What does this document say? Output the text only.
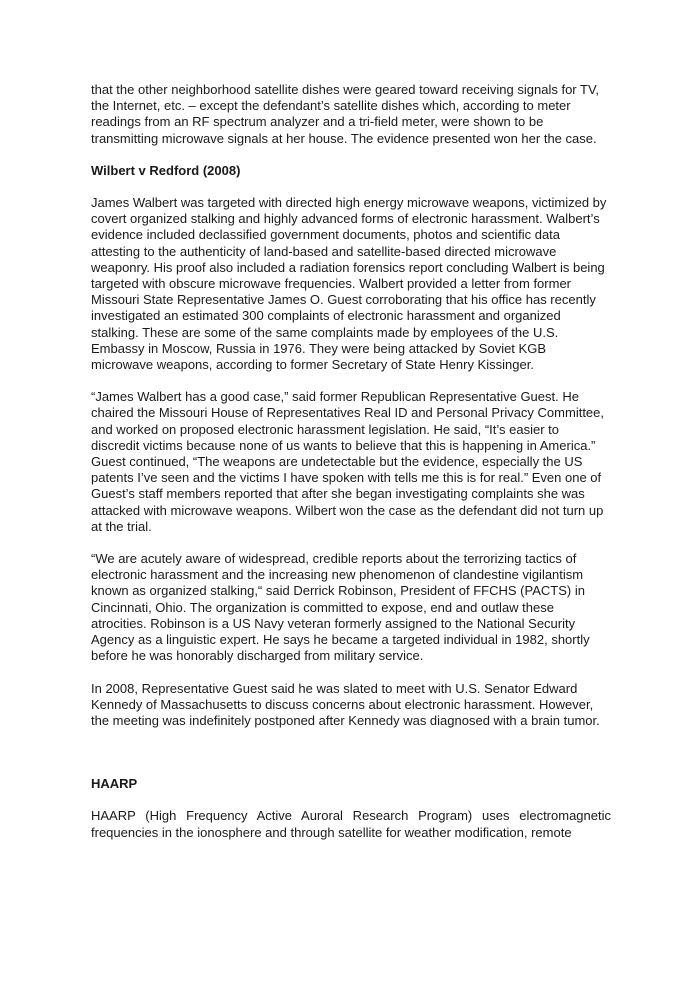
that the other neighborhood satellite dishes were geared toward receiving signals for TV, the Internet, etc. – except the defendant’s satellite dishes which, according to meter readings from an RF spectrum analyzer and a tri-field meter, were shown to be transmitting microwave signals at her house. The evidence presented won her the case.

Wilbert v Redford (2008)

James Walbert was targeted with directed high energy microwave weapons, victimized by covert organized stalking and highly advanced forms of electronic harassment. Walbert’s evidence included declassified government documents, photos and scientific data attesting to the authenticity of land-based and satellite-based directed microwave weaponry. His proof also included a radiation forensics report concluding Walbert is being targeted with obscure microwave frequencies. Walbert provided a letter from former Missouri State Representative James O. Guest corroborating that his office has recently investigated an estimated 300 complaints of electronic harassment and organized stalking. These are some of the same complaints made by employees of the U.S. Embassy in Moscow, Russia in 1976. They were being attacked by Soviet KGB microwave weapons, according to former Secretary of State Henry Kissinger.

“James Walbert has a good case,” said former Republican Representative Guest. He chaired the Missouri House of Representatives Real ID and Personal Privacy Committee, and worked on proposed electronic harassment legislation. He said, “It’s easier to discredit victims because none of us wants to believe that this is happening in America.” Guest continued, “The weapons are undetectable but the evidence, especially the US patents I’ve seen and the victims I have spoken with tells me this is for real.” Even one of Guest’s staff members reported that after she began investigating complaints she was attacked with microwave weapons. Wilbert won the case as the defendant did not turn up at the trial.

“We are acutely aware of widespread, credible reports about the terrorizing tactics of electronic harassment and the increasing new phenomenon of clandestine vigilantism known as organized stalking,“ said Derrick Robinson, President of FFCHS (PACTS) in Cincinnati, Ohio. The organization is committed to expose, end and outlaw these atrocities. Robinson is a US Navy veteran formerly assigned to the National Security Agency as a linguistic expert. He says he became a targeted individual in 1982, shortly before he was honorably discharged from military service.

In 2008, Representative Guest said he was slated to meet with U.S. Senator Edward Kennedy of Massachusetts to discuss concerns about electronic harassment. However, the meeting was indefinitely postponed after Kennedy was diagnosed with a brain tumor.

HAARP

HAARP (High Frequency Active Auroral Research Program) uses electromagnetic frequencies in the ionosphere and through satellite for weather modification, remote
